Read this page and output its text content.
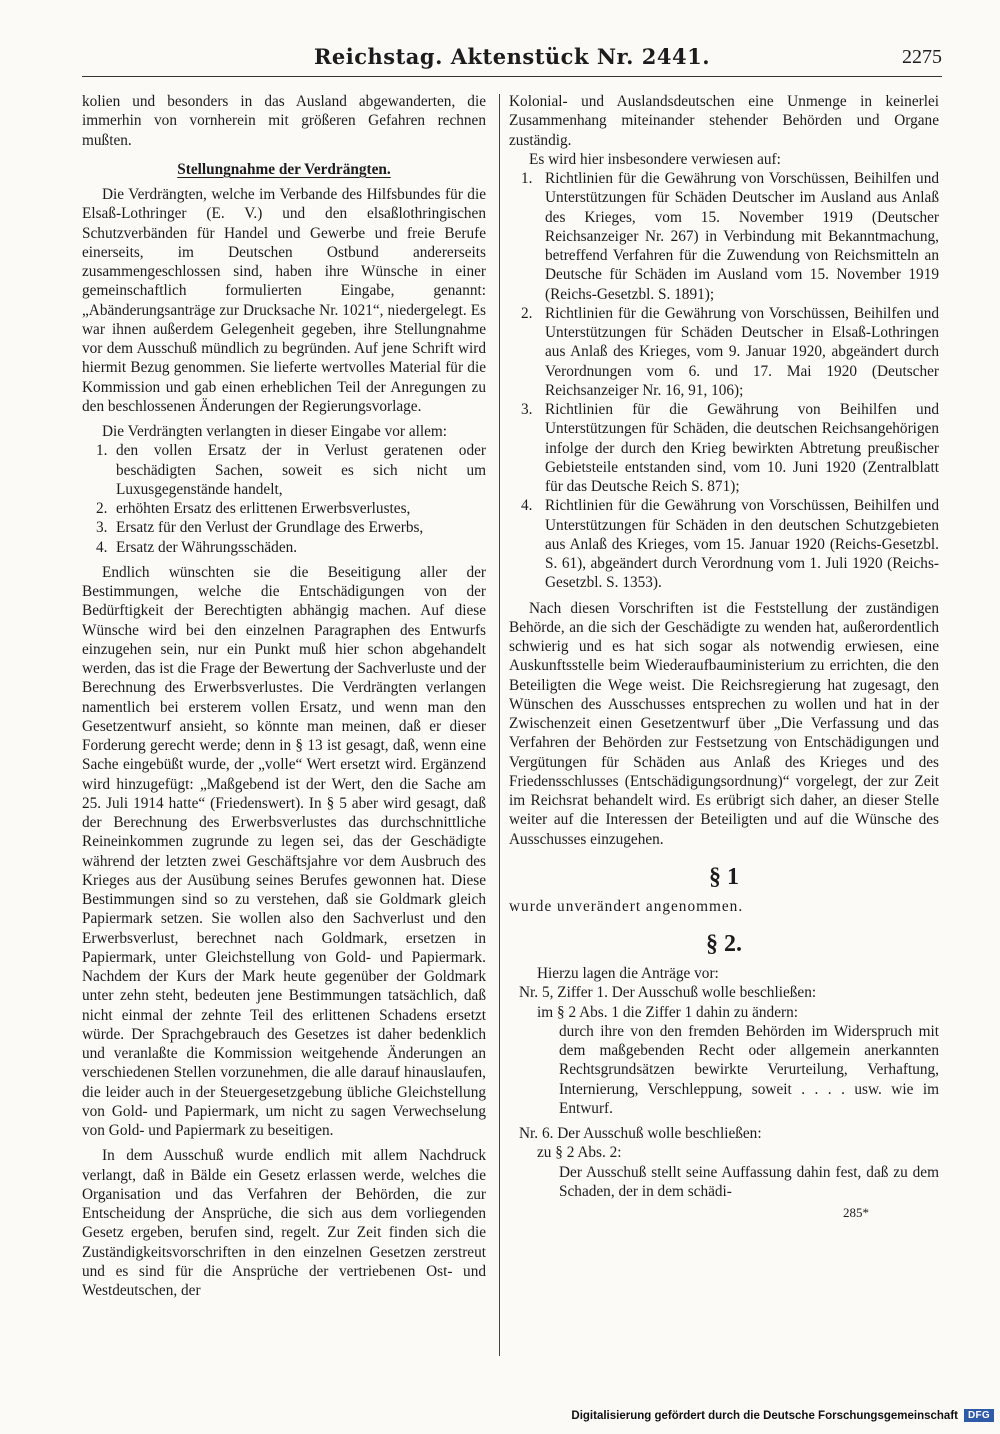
Reichstag. Aktenstück Nr. 2441.	2275

kolien und besonders in das Ausland abgewanderten, die immerhin von vornherein mit größeren Gefahren rechnen mußten.

Stellungnahme der Verdrängten.

Die Verdrängten, welche im Verbande des Hilfsbundes für die Elsaß-Lothringer (E. V.) und den elsaßlothringischen Schutzverbänden für Handel und Gewerbe und freie Berufe einerseits, im Deutschen Ostbund andererseits zusammengeschlossen sind, haben ihre Wünsche in einer gemeinschaftlich formulierten Eingabe, genannt: „Abänderungsanträge zur Drucksache Nr. 1021“, niedergelegt. Es war ihnen außerdem Gelegenheit gegeben, ihre Stellungnahme vor dem Ausschuß mündlich zu begründen. Auf jene Schrift wird hiermit Bezug genommen. Sie lieferte wertvolles Material für die Kommission und gab einen erheblichen Teil der Anregungen zu den beschlossenen Änderungen der Regierungsvorlage.

Die Verdrängten verlangten in dieser Eingabe vor allem:

1. den vollen Ersatz der in Verlust geratenen oder beschädigten Sachen, soweit es sich nicht um Luxusgegenstände handelt,
2. erhöhten Ersatz des erlittenen Erwerbsverlustes,
3. Ersatz für den Verlust der Grundlage des Erwerbs,
4. Ersatz der Währungsschäden.

Endlich wünschten sie die Beseitigung aller der Bestimmungen, welche die Entschädigungen von der Bedürftigkeit der Berechtigten abhängig machen. Auf diese Wünsche wird bei den einzelnen Paragraphen des Entwurfs einzugehen sein, nur ein Punkt muß hier schon abgehandelt werden, das ist die Frage der Bewertung der Sachverluste und der Berechnung des Erwerbsverlustes. Die Verdrängten verlangen namentlich bei ersterem vollen Ersatz, und wenn man den Gesetzentwurf ansieht, so könnte man meinen, daß er dieser Forderung gerecht werde; denn in § 13 ist gesagt, daß, wenn eine Sache eingebüßt wurde, der „volle“ Wert ersetzt wird. Ergänzend wird hinzugefügt: „Maßgebend ist der Wert, den die Sache am 25. Juli 1914 hatte“ (Friedenswert). In § 5 aber wird gesagt, daß der Berechnung des Erwerbsverlustes das durchschnittliche Reineinkommen zugrunde zu legen sei, das der Geschädigte während der letzten zwei Geschäftsjahre vor dem Ausbruch des Krieges aus der Ausübung seines Berufes gewonnen hat. Diese Bestimmungen sind so zu verstehen, daß sie Goldmark gleich Papiermark setzen. Sie wollen also den Sachverlust und den Erwerbsverlust, berechnet nach Goldmark, ersetzen in Papiermark, unter Gleichstellung von Gold- und Papiermark. Nachdem der Kurs der Mark heute gegenüber der Goldmark unter zehn steht, bedeuten jene Bestimmungen tatsächlich, daß nicht einmal der zehnte Teil des erlittenen Schadens ersetzt würde. Der Sprachgebrauch des Gesetzes ist daher bedenklich und veranlaßte die Kommission weitgehende Änderungen an verschiedenen Stellen vorzunehmen, die alle darauf hinauslaufen, die leider auch in der Steuergesetzgebung übliche Gleichstellung von Gold- und Papiermark, um nicht zu sagen Verwechselung von Gold- und Papiermark zu beseitigen.

In dem Ausschuß wurde endlich mit allem Nachdruck verlangt, daß in Bälde ein Gesetz erlassen werde, welches die Organisation und das Verfahren der Behörden, die zur Entscheidung der Ansprüche, die sich aus dem vorliegenden Gesetz ergeben, berufen sind, regelt. Zur Zeit finden sich die Zuständigkeitsvorschriften in den einzelnen Gesetzen zerstreut und es sind für die Ansprüche der vertriebenen Ost- und Westdeutschen, der

Kolonial- und Auslandsdeutschen eine Unmenge in keinerlei Zusammenhang miteinander stehender Behörden und Organe zuständig.

Es wird hier insbesondere verwiesen auf:

1. Richtlinien für die Gewährung von Vorschüssen, Beihilfen und Unterstützungen für Schäden Deutscher im Ausland aus Anlaß des Krieges, vom 15. November 1919 (Deutscher Reichsanzeiger Nr. 267) in Verbindung mit Bekanntmachung, betreffend Verfahren für die Zuwendung von Reichsmitteln an Deutsche für Schäden im Ausland vom 15. November 1919 (Reichs-Gesetzbl. S. 1891);
2. Richtlinien für die Gewährung von Vorschüssen, Beihilfen und Unterstützungen für Schäden Deutscher in Elsaß-Lothringen aus Anlaß des Krieges, vom 9. Januar 1920, abgeändert durch Verordnungen vom 6. und 17. Mai 1920 (Deutscher Reichsanzeiger Nr. 16, 91, 106);
3. Richtlinien für die Gewährung von Beihilfen und Unterstützungen für Schäden, die deutschen Reichsangehörigen infolge der durch den Krieg bewirkten Abtretung preußischer Gebietsteile entstanden sind, vom 10. Juni 1920 (Zentralblatt für das Deutsche Reich S. 871);
4. Richtlinien für die Gewährung von Vorschüssen, Beihilfen und Unterstützungen für Schäden in den deutschen Schutzgebieten aus Anlaß des Krieges, vom 15. Januar 1920 (Reichs-Gesetzbl. S. 61), abgeändert durch Verordnung vom 1. Juli 1920 (Reichs-Gesetzbl. S. 1353).

Nach diesen Vorschriften ist die Feststellung der zuständigen Behörde, an die sich der Geschädigte zu wenden hat, außerordentlich schwierig und es hat sich sogar als notwendig erwiesen, eine Auskunftsstelle beim Wiederaufbauministerium zu errichten, die den Beteiligten die Wege weist. Die Reichsregierung hat zugesagt, den Wünschen des Ausschusses entsprechen zu wollen und hat in der Zwischenzeit einen Gesetzentwurf über „Die Verfassung und das Verfahren der Behörden zur Festsetzung von Entschädigungen und Vergütungen für Schäden aus Anlaß des Krieges und des Friedensschlusses (Entschädigungsordnung)“ vorgelegt, der zur Zeit im Reichsrat behandelt wird. Es erübrigt sich daher, an dieser Stelle weiter auf die Interessen der Beteiligten und auf die Wünsche des Ausschusses einzugehen.

§ 1

wurde unverändert angenommen.

§ 2.

Hierzu lagen die Anträge vor:

Nr. 5, Ziffer 1. Der Ausschuß wolle beschließen:

im § 2 Abs. 1 die Ziffer 1 dahin zu ändern:

durch ihre von den fremden Behörden im Widerspruch mit dem maßgebenden Recht oder allgemein anerkannten Rechtsgrundsätzen bewirkte Verurteilung, Verhaftung, Internierung, Verschleppung, soweit . . . . usw. wie im Entwurf.

Nr. 6. Der Ausschuß wolle beschließen:

zu § 2 Abs. 2:

Der Ausschuß stellt seine Auffassung dahin fest, daß zu dem Schaden, der in dem schädi-

285*
Digitalisierung gefördert durch die Deutsche Forschungsgemeinschaft	DFG
